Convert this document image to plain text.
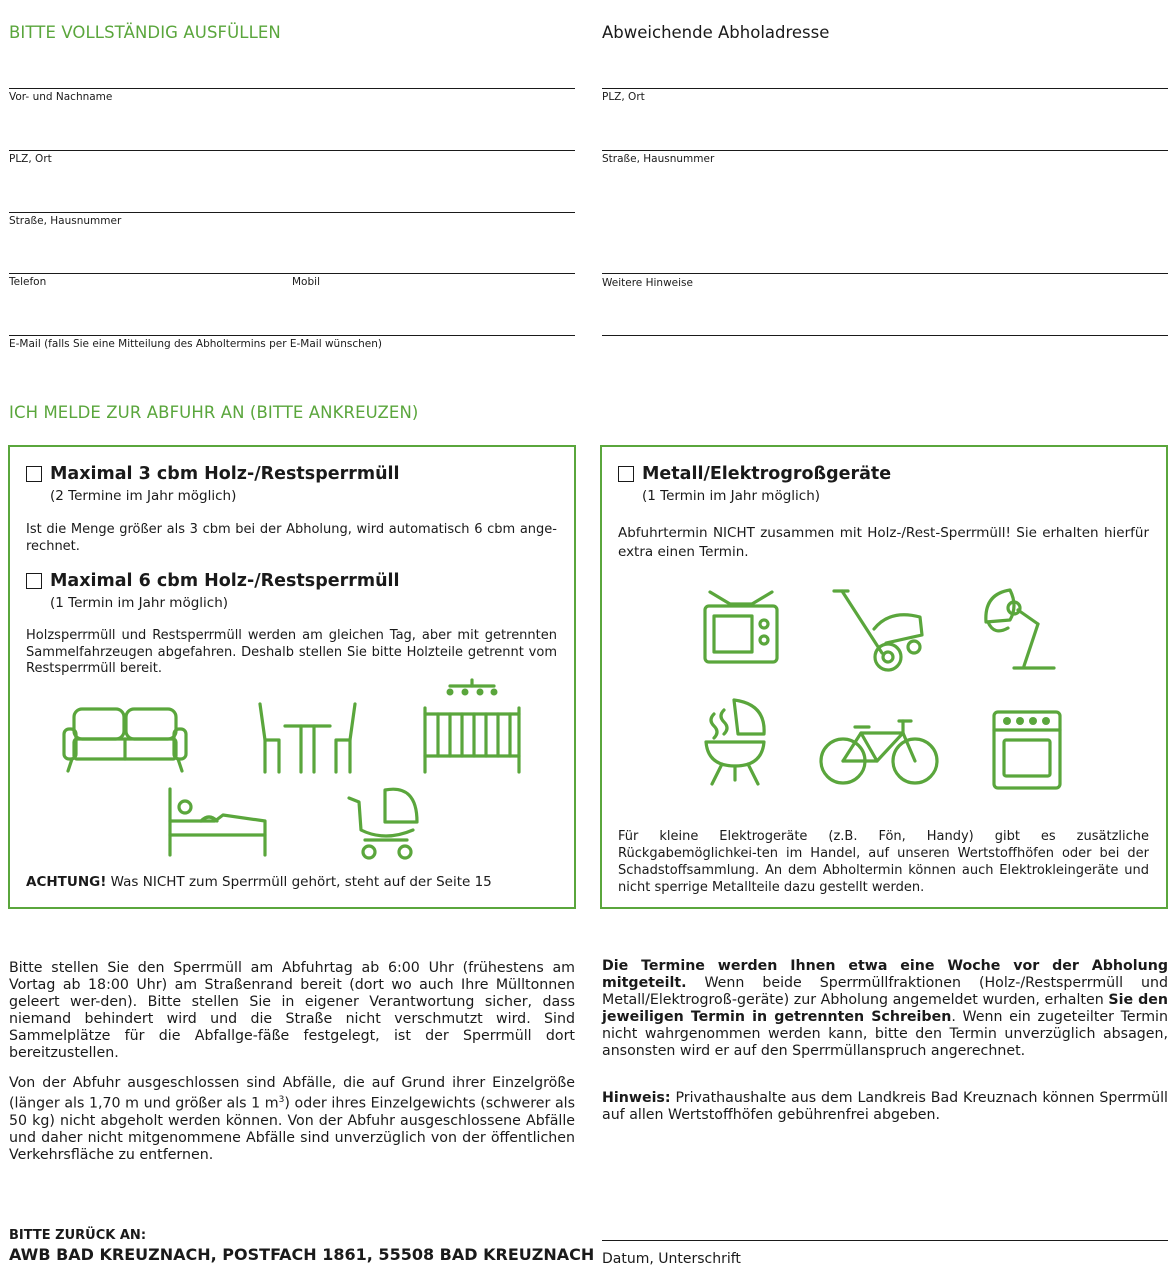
BITTE VOLLSTÄNDIG AUSFÜLLEN
Vor- und Nachname
PLZ, Ort
Straße, Hausnummer
Telefon	Mobil
E-Mail (falls Sie eine Mitteilung des Abholtermins per E-Mail wünschen)
Abweichende Abholadresse
PLZ, Ort
Straße, Hausnummer
Weitere Hinweise
ICH MELDE ZUR ABFUHR AN (BITTE ANKREUZEN)
Maximal 3 cbm Holz-/Restsperrmüll
(2 Termine im Jahr möglich)
Ist die Menge größer als 3 cbm bei der Abholung, wird automatisch 6 cbm ange-rechnet.
Maximal 6 cbm Holz-/Restsperrmüll
(1 Termin im Jahr möglich)
Holzsperrmüll und Restsperrmüll werden am gleichen Tag, aber mit getrennten Sammelfahrzeugen abgefahren. Deshalb stellen Sie bitte Holzteile getrennt vom Restsperrmüll bereit.
ACHTUNG! Was NICHT zum Sperrmüll gehört, steht auf der Seite 15
Metall/Elektrogroßgeräte
(1 Termin im Jahr möglich)
Abfuhrtermin NICHT zusammen mit Holz-/Rest-Sperrmüll! Sie erhalten hierfür extra einen Termin.
Für kleine Elektrogeräte (z.B. Fön, Handy) gibt es zusätzliche Rückgabemöglichkei-ten im Handel, auf unseren Wertstoffhöfen oder bei der Schadstoffsammlung. An dem Abholtermin können auch Elektrokleingeräte und nicht sperrige Metallteile dazu gestellt werden.
Bitte stellen Sie den Sperrmüll am Abfuhrtag ab 6:00 Uhr (frühestens am Vortag ab 18:00 Uhr) am Straßenrand bereit (dort wo auch Ihre Mülltonnen geleert wer-den). Bitte stellen Sie in eigener Verantwortung sicher, dass niemand behindert wird und die Straße nicht verschmutzt wird. Sind Sammelplätze für die Abfallge-fäße festgelegt, ist der Sperrmüll dort bereitzustellen.
Von der Abfuhr ausgeschlossen sind Abfälle, die auf Grund ihrer Einzelgröße (länger als 1,70 m und größer als 1 $m^3$) oder ihres Einzelgewichts (schwerer als 50 kg) nicht abgeholt werden können. Von der Abfuhr ausgeschlossene Abfälle und daher nicht mitgenommene Abfälle sind unverzüglich von der öffentlichen Verkehrsfläche zu entfernen.
Die Termine werden Ihnen etwa eine Woche vor der Abholung mitgeteilt. Wenn beide Sperrmüllfraktionen (Holz-/Restsperrmüll und Metall/Elektrogroß-geräte) zur Abholung angemeldet wurden, erhalten Sie den jeweiligen Termin in getrennten Schreiben. Wenn ein zugeteilter Termin nicht wahrgenommen werden kann, bitte den Termin unverzüglich absagen, ansonsten wird er auf den Sperrmüllanspruch angerechnet.
Hinweis: Privathaushalte aus dem Landkreis Bad Kreuznach können Sperrmüll auf allen Wertstoffhöfen gebührenfrei abgeben.
BITTE ZURÜCK AN:
AWB BAD KREUZNACH, POSTFACH 1861, 55508 BAD KREUZNACH Datum, Unterschrift
